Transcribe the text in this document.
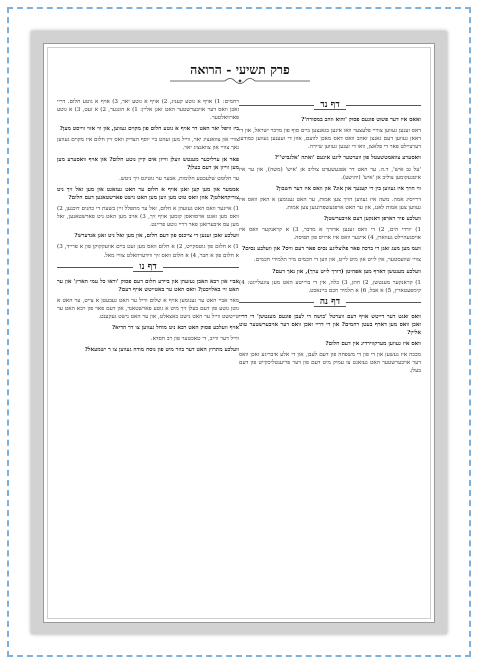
פרק תשיעי - הרואה
דף נד

ואאס איז דער פשוט פונעם פסוק 'והוא וזהב במסורה'?

דאס זענען געווען צווייי פלעצער וואו אינען בגאנצען ביים סוף פון מדבר ישראל, און די דאאן געווען דעם גאנצן זאהב וואס דאס מאכן לוועם, אוזן די זעענען געווען כמודען דערציילט פאר די פלאצן, וואו די זענען געווען שיירה.

וואסערע צוואמטשעטל פון ווערטער ליגט אינעם 'ואתה 'אלגביש''?

'על גב איש', ד.ה. ער האט דר אפגעשעדט צוליב אן 'איש' (משה), און ער איז איטגעקומען צוליב אן 'איש' (יהושע).

ווי הויך איז געווען בין די קענעך און אוג? און וואס איז דער חשבון?

דרייסיג אמה. משה איז געווען הויך צען אמות, ער האט גענומען א האק וואס איז געווען צען אמות לאנג, און ער האט אויפגעשפרונגען צען אמות.

וועלכע פיר דארפן דאנקען דעם אויבערשטן?

1) יורדי הים, 2) די וואס זענען אדורך א מדבר, 3) א קראנקער וואס איז אויסגעהיילט געווארן, 4) איינער וואס איז ארויס פון תפיסה.

וועמ מען מעג זאגן די ברכה פאר פלוצליגע נסים פאר דעם וויס? און וועלכע נסים?

צוויי שוועסטער, אין לייט און מיט לייט, און ווען די חכמים מיר תלמידי חכמים.

וועלכע מענטשן דארף מען אפהיטן (דורך לייט ערך), און נאך דעם?

1) קראנקער מענטשן, 2) חתן, 3) כלה, אין די ברייטע האט מען צוגעלייגט: 4) קימפעטארין, 5) א אבל, 6) א תלמיד חכם ביינאכט.

דף נה

וואס זאגט דער דייטש אויף דעם ווערטל 'בושה די לעבן פונעם מענטשן' די דריי זאכן וואס מען דארף בעטן רחמים? און די דריי זאכן וואס דער אויבערשטער טוט אליין?

וואס איז געווען מערקווירדיג אין דעם חלום?

מבכה איז געשען און די פון די משפחה פון דעם לעבן, און די אלע איבריגע זאכן וואס דער אויבערשטער האט געזאגט צו עמיק מיט דעם פון דער פריענטליכקייט פון דעם בעלן.

רחמים: 1) אויף א גוטע קעניג, 2) אויף א גוטע יאר, 3) אויף א גוטע חלום. דריי זאכן וואס דער אויבערשטער האט זאגן אליין: 1) א הונגער, 2) א זעט, 3) א גוטע פארוואלטער.

ביז וויפל יאר האט דר אויף א גוטע חלום פון מקוים געווען, און ווי אזוי ווייסט מען?

צוויי און צוואנציג יאר, ווייל מען זעהט ביי יוסף הצדיק וואס זיין חלום איז מקוים געווען נאך צוויי און צוואנציג יאר.

פאר אן ערליכער מענטש וועלן ווייזן אים קיין גוטע חלום? און אויף וואסערע מען מען ווייזן אן דעם בעלן?

ער חלומט שלעכטע חלומות, אבער ער גוטיגט זיך ניטש.

אממער און מען קען זאגן אויף א חלום ער האט געזאגט און מען זאל זיך ניט צוריקהאלטן? אוזן וואס טוט מען ווען מען האט נישט פארשטאנען דעם חלום?

1) איינער וואס האט געזעהן א חלום, זאל ער מתפלל זיין בשעת די כהנים דוכנען, 2) וואס מען זאגט אויסוואסן קומען אויף זיך, 3) אויב מען האט ניט פארשטאנען, זאל מען עס איבערזאגן פאר דריי גוטע פריינט.

וועלכע זאכן זענען די צייכנס פון דעם חלום, און מען זאל ניט זאגן אנדערש?

1) א חלום פון גוטסקייט, 2) א חלום וואס מען זעט ביים אוועקקוקן פון א פרייד, 3) א חלום פון א חבר, 4) א חלום וואס זיך ווידערהאלט צוויי מאל.

דף נו

אביי און רבא האבן געזעהן און ביידע חלום דעם פסוק 'וראו כל עמי הארץ' און ער האט זיי באלויכטן? וואס האט ער באטייטש אויף דעם?

מאר אביי האט ער גענומען אויף א שלום ווייל ער האט געבעטן א צייט, ער האט א גוטן גוטע פון דעם בעלן זיך מיט א גוטע פארשטאנד, און דעם פאר פון רבא האט ער טייטשט ווייל ער האט נישט באצאלט, און ער האט נישט געקענט.

אויף וועלכע פסוק האט רבא ניט מוחל געווען צו דר הדיא?

ווייל דער ווייב, די טאכטער פון רב חסדא.

וועלכע מתרוץ האט דער בוזר מיט פון נוסח מודה געווען צו ר ישמעאל?
